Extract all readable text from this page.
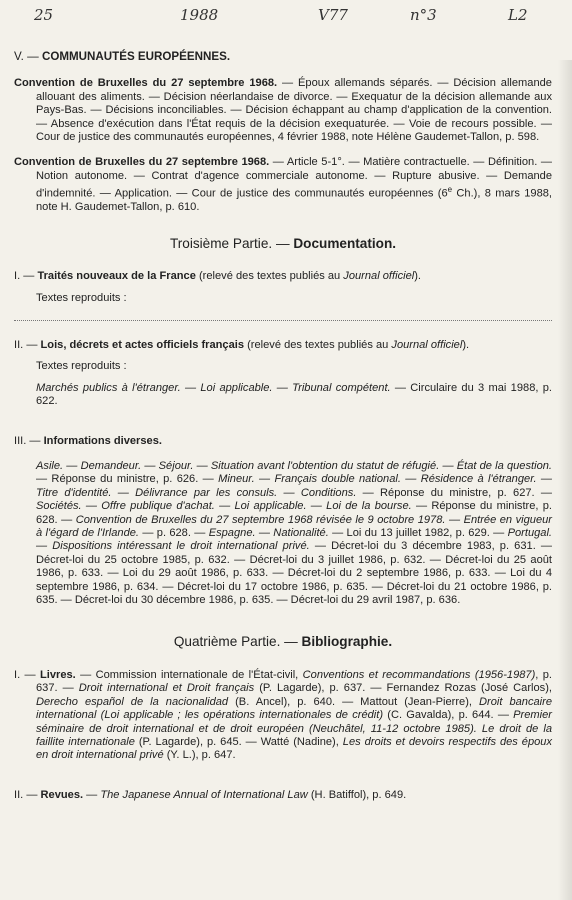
25	1988	V77	n°3	L2
V. — COMMUNAUTÉS EUROPÉENNES.

Convention de Bruxelles du 27 septembre 1968. — Époux allemands séparés. — Décision allemande allouant des aliments. — Décision néerlandaise de divorce. — Exequatur de la décision allemande aux Pays-Bas. — Décisions inconciliables. — Décision échappant au champ d'application de la convention. — Absence d'exécution dans l'État requis de la décision exequaturée. — Voie de recours possible. — Cour de justice des communautés européennes, 4 février 1988, note Hélène Gaudemet-Tallon, p. 598.

Convention de Bruxelles du 27 septembre 1968. — Article 5-1°. — Matière contractuelle. — Définition. — Notion autonome. — Contrat d'agence commerciale autonome. — Rupture abusive. — Demande d'indemnité. — Application. — Cour de justice des communautés européennes (6e Ch.), 8 mars 1988, note H. Gaudemet-Tallon, p. 610.

Troisième Partie. — Documentation.

I. — Traités nouveaux de la France (relevé des textes publiés au Journal officiel).

Textes reproduits :

II. — Lois, décrets et actes officiels français (relevé des textes publiés au Journal officiel).

Textes reproduits :

Marchés publics à l'étranger. — Loi applicable. — Tribunal compétent. — Circulaire du 3 mai 1988, p. 622.

III. — Informations diverses.

Asile. — Demandeur. — Séjour. — Situation avant l'obtention du statut de réfugié. — État de la question. — Réponse du ministre, p. 626. — Mineur. — Français double national. — Résidence à l'étranger. — Titre d'identité. — Délivrance par les consuls. — Conditions. — Réponse du ministre, p. 627. — Sociétés. — Offre publique d'achat. — Loi applicable. — Loi de la bourse. — Réponse du ministre, p. 628. — Convention de Bruxelles du 27 septembre 1968 révisée le 9 octobre 1978. — Entrée en vigueur à l'égard de l'Irlande. — p. 628. — Espagne. — Nationalité. — Loi du 13 juillet 1982, p. 629. — Portugal. — Dispositions intéressant le droit international privé. — Décret-loi du 3 décembre 1983, p. 631. — Décret-loi du 25 octobre 1985, p. 632. — Décret-loi du 3 juillet 1986, p. 632. — Décret-loi du 25 août 1986, p. 633. — Loi du 29 août 1986, p. 633. — Décret-loi du 2 septembre 1986, p. 633. — Loi du 4 septembre 1986, p. 634. — Décret-loi du 17 octobre 1986, p. 635. — Décret-loi du 21 octobre 1986, p. 635. — Décret-loi du 30 décembre 1986, p. 635. — Décret-loi du 29 avril 1987, p. 636.

Quatrième Partie. — Bibliographie.

I. — Livres. — Commission internationale de l'État-civil, Conventions et recommandations (1956-1987), p. 637. — Droit international et Droit français (P. Lagarde), p. 637. — Fernandez Rozas (José Carlos), Derecho español de la nacionalidad (B. Ancel), p. 640. — Mattout (Jean-Pierre), Droit bancaire international (Loi applicable ; les opérations internationales de crédit) (C. Gavalda), p. 644. — Premier séminaire de droit international et de droit européen (Neuchâtel, 11-12 octobre 1985). Le droit de la faillite internationale (P. Lagarde), p. 645. — Watté (Nadine), Les droits et devoirs respectifs des époux en droit international privé (Y. L.), p. 647.

II. — Revues. — The Japanese Annual of International Law (H. Batiffol), p. 649.
